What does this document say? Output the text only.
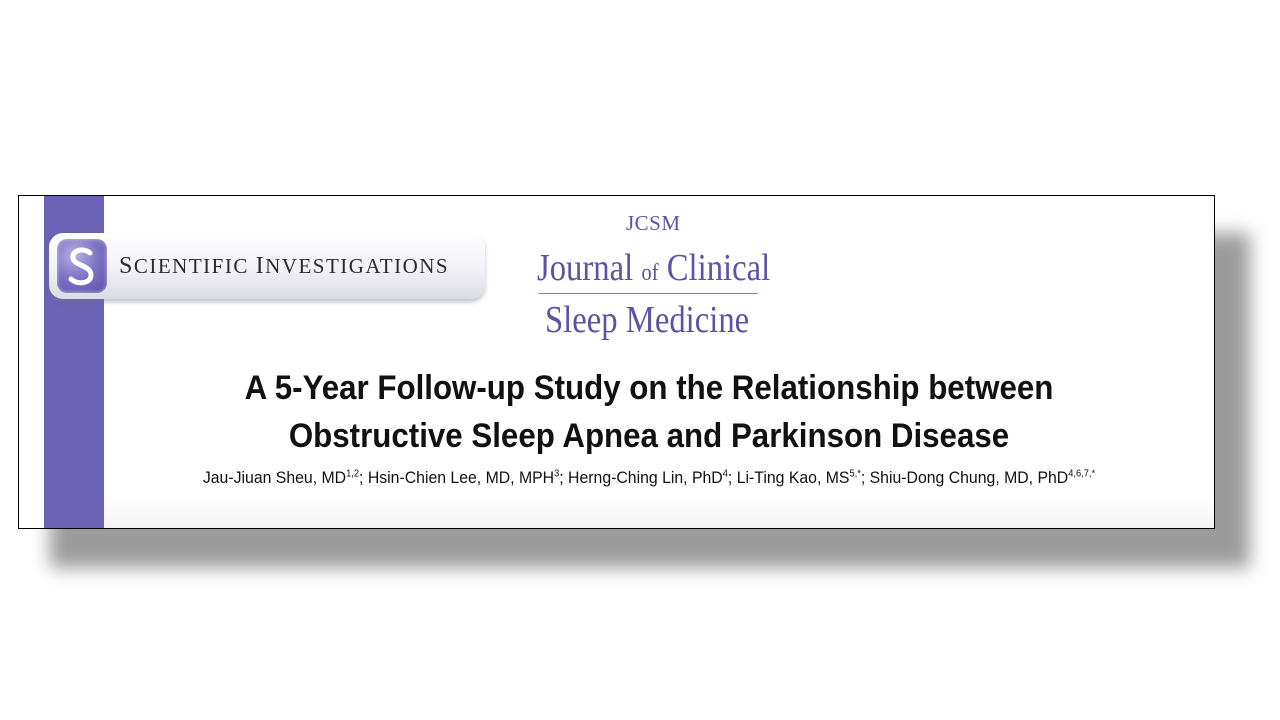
SCIENTIFIC INVESTIGATIONS
JCSM
Journal of Clinical
Sleep Medicine
A 5-Year Follow-up Study on the Relationship between
Obstructive Sleep Apnea and Parkinson Disease
Jau-Jiuan Sheu, MD$^{1,2}$; Hsin-Chien Lee, MD, MPH$^3$; Herng-Ching Lin, PhD$^4$; Li-Ting Kao, $MS^{5,*}$; Shiu-Dong Chung, MD, PhD$^{4,6,7,*}$
